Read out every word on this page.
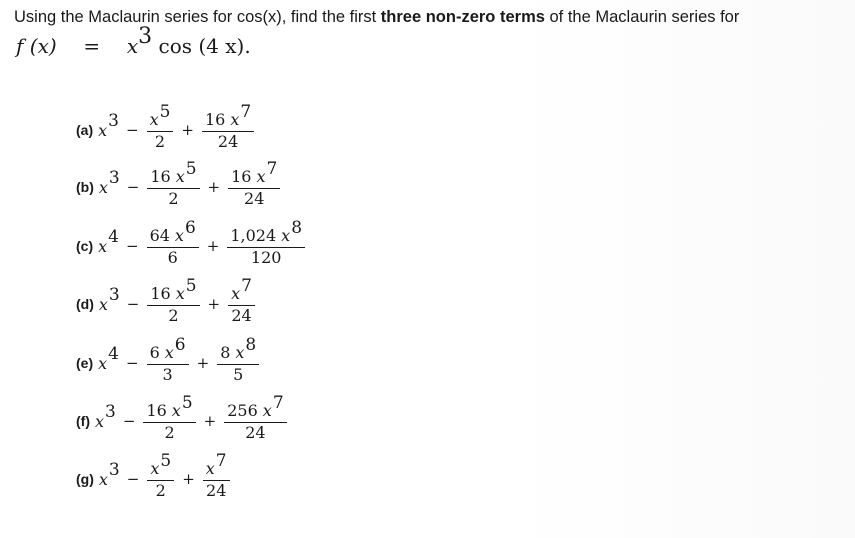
Using the Maclaurin series for cos(x), find the first three non-zero terms of the Maclaurin series for
f (x) = x3 cos (4 x).
(a) x $3 - \frac{x5}{2} + \frac{16 x7}{24}$
(b) x $3 - \frac{16 x5}{2} + \frac{16 x7}{24}$
(c) x $4 - \frac{64 x6}{6} + \frac{1,024 x8}{120}$
(d) x $3 - \frac{16 x5}{2} + \frac{x7}{24}$
(e) x $4 - \frac{6 x6}{3} + \frac{8 x8}{5}$
(f) x $3 - \frac{16 x5}{2} + \frac{256 x7}{24}$
(g) x $3 - \frac{x5}{2} + \frac{x7}{24}$
